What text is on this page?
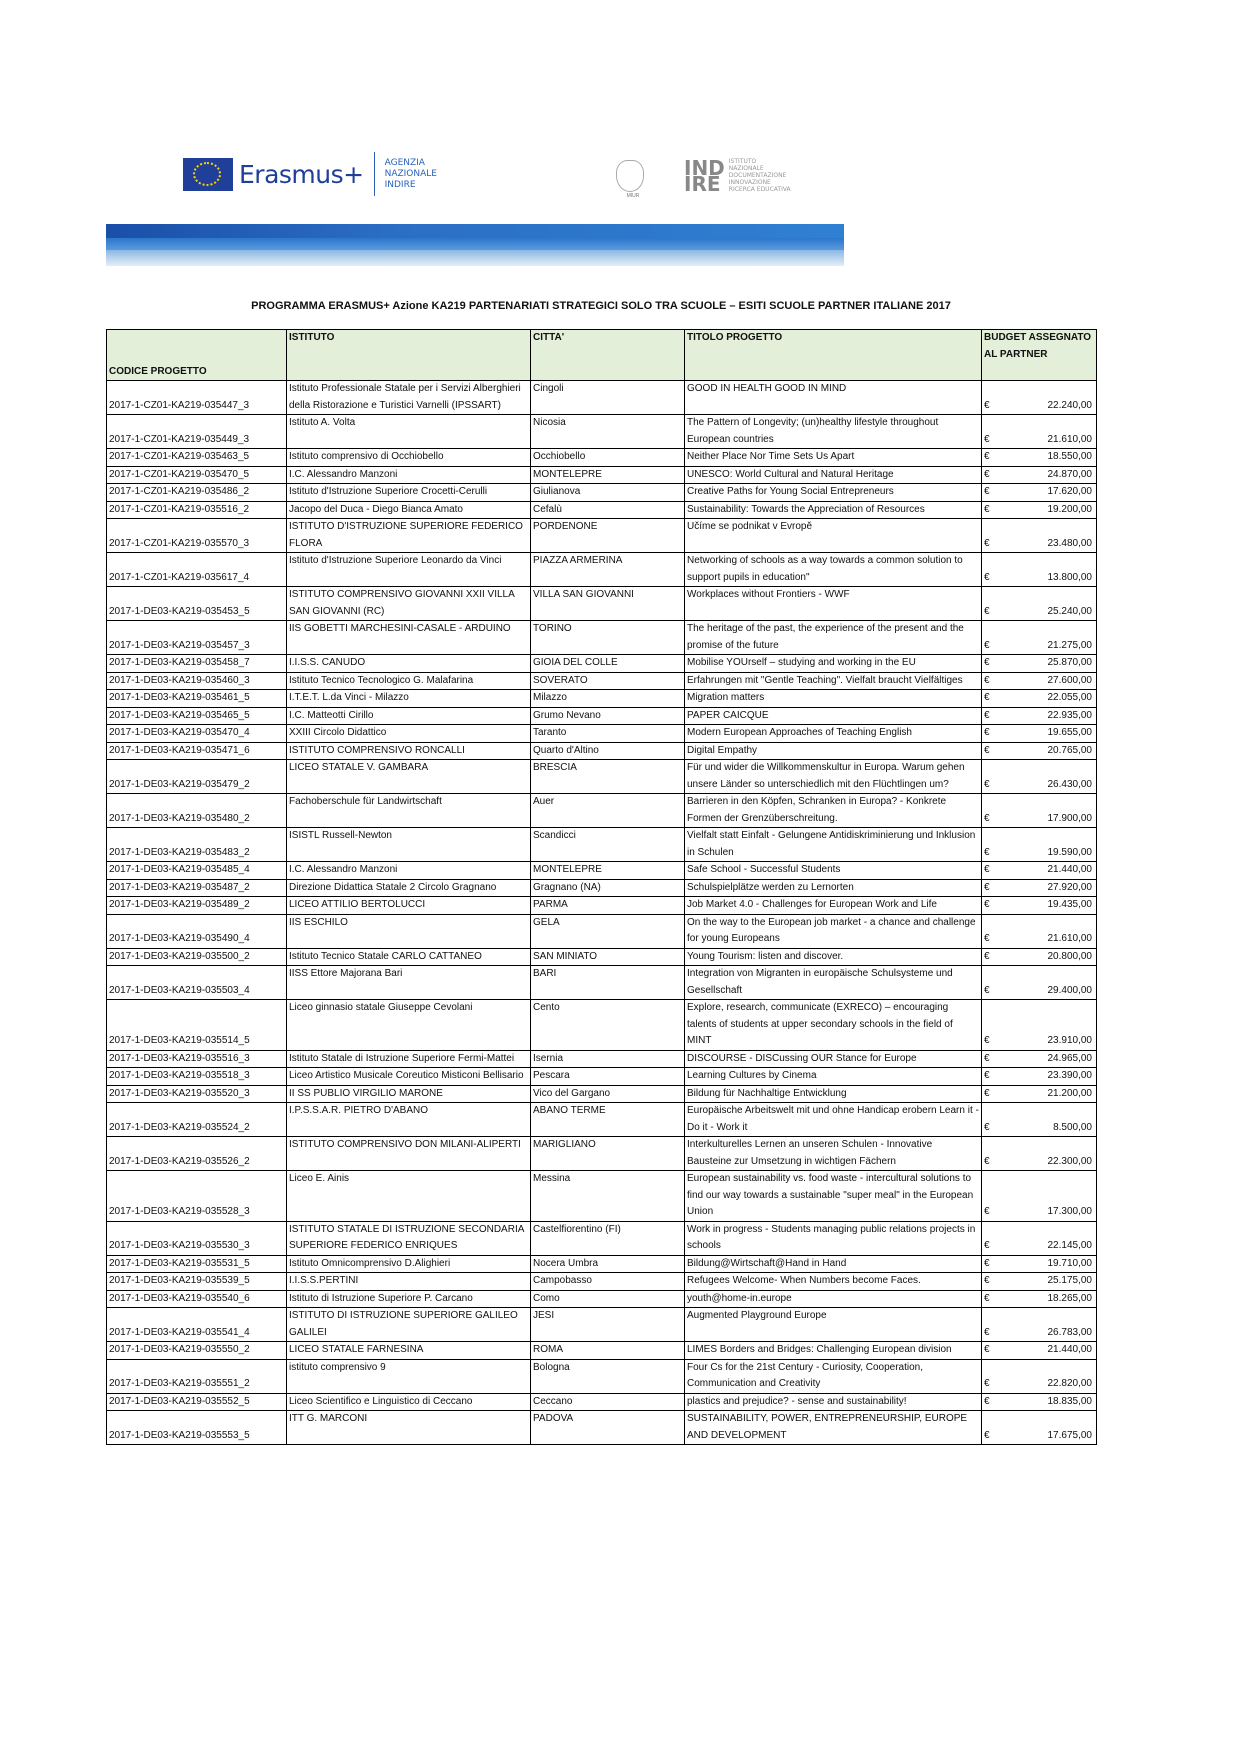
Erasmus+ AGENZIA
NAZIONALE
INDIRE
MIUR
IND
IRE
ISTITUTO
NAZIONALE
DOCUMENTAZIONE
INNOVAZIONE
RICERCA EDUCATIVA
PROGRAMMA ERASMUS+ Azione KA219 PARTENARIATI STRATEGICI SOLO TRA SCUOLE – ESITI SCUOLE PARTNER ITALIANE 2017
CODICE PROGETTO	ISTITUTO	CITTA'	TITOLO PROGETTO	BUDGET ASSEGNATO AL PARTNER
2017-1-CZ01-KA219-035447_3	Istituto Professionale Statale per i Servizi Alberghieri della Ristorazione e Turistici Varnelli (IPSSART)	Cingoli	GOOD IN HEALTH GOOD IN MIND	€ 22.240,00

2017-1-CZ01-KA219-035449_3	Istituto A. Volta	Nicosia	The Pattern of Longevity; (un)healthy lifestyle throughout European countries	€ 21.610,00

2017-1-CZ01-KA219-035463_5	Istituto comprensivo di Occhiobello	Occhiobello	Neither Place Nor Time Sets Us Apart	€ 18.550,00

2017-1-CZ01-KA219-035470_5	I.C. Alessandro Manzoni	MONTELEPRE	UNESCO: World Cultural and Natural Heritage	€ 24.870,00

2017-1-CZ01-KA219-035486_2	Istituto d'Istruzione Superiore Crocetti-Cerulli	Giulianova	Creative Paths for Young Social Entrepreneurs	€ 17.620,00

2017-1-CZ01-KA219-035516_2	Jacopo del Duca - Diego Bianca Amato	Cefalù	Sustainability: Towards the Appreciation of Resources	€ 19.200,00

2017-1-CZ01-KA219-035570_3	ISTITUTO D'ISTRUZIONE SUPERIORE FEDERICO FLORA	PORDENONE	Učíme se podnikat v Evropě	€ 23.480,00

2017-1-CZ01-KA219-035617_4	Istituto d'Istruzione Superiore Leonardo da Vinci	PIAZZA ARMERINA	Networking of schools as a way towards a common solution to support pupils in education"	€ 13.800,00

2017-1-DE03-KA219-035453_5	ISTITUTO COMPRENSIVO GIOVANNI XXII VILLA SAN GIOVANNI (RC)	VILLA SAN GIOVANNI	Workplaces without Frontiers - WWF	€ 25.240,00

2017-1-DE03-KA219-035457_3	IIS GOBETTI MARCHESINI-CASALE - ARDUINO	TORINO	The heritage of the past, the experience of the present and the promise of the future	€ 21.275,00

2017-1-DE03-KA219-035458_7	I.I.S.S. CANUDO	GIOIA DEL COLLE	Mobilise YOUrself – studying and working in the EU	€ 25.870,00

2017-1-DE03-KA219-035460_3	Istituto Tecnico Tecnologico G. Malafarina	SOVERATO	Erfahrungen mit "Gentle Teaching". Vielfalt braucht Vielfältiges	€ 27.600,00

2017-1-DE03-KA219-035461_5	I.T.E.T. L.da Vinci - Milazzo	Milazzo	Migration matters	€ 22.055,00

2017-1-DE03-KA219-035465_5	I.C. Matteotti Cirillo	Grumo Nevano	PAPER CAICQUE	€ 22.935,00

2017-1-DE03-KA219-035470_4	XXIII Circolo Didattico	Taranto	Modern European Approaches of Teaching English	€ 19.655,00

2017-1-DE03-KA219-035471_6	ISTITUTO COMPRENSIVO RONCALLI	Quarto d'Altino	Digital Empathy	€ 20.765,00

2017-1-DE03-KA219-035479_2	LICEO STATALE V. GAMBARA	BRESCIA	Für und wider die Willkommenskultur in Europa. Warum gehen unsere Länder so unterschiedlich mit den Flüchtlingen um?	€ 26.430,00

2017-1-DE03-KA219-035480_2	Fachoberschule für Landwirtschaft	Auer	Barrieren in den Köpfen, Schranken in Europa? - Konkrete Formen der Grenzüberschreitung.	€ 17.900,00

2017-1-DE03-KA219-035483_2	ISISTL Russell-Newton	Scandicci	Vielfalt statt Einfalt - Gelungene Antidiskriminierung und Inklusion in Schulen	€ 19.590,00

2017-1-DE03-KA219-035485_4	I.C. Alessandro Manzoni	MONTELEPRE	Safe School - Successful Students	€ 21.440,00

2017-1-DE03-KA219-035487_2	Direzione Didattica Statale 2 Circolo Gragnano	Gragnano (NA)	Schulspielplätze werden zu Lernorten	€ 27.920,00

2017-1-DE03-KA219-035489_2	LICEO ATTILIO BERTOLUCCI	PARMA	Job Market 4.0 - Challenges for European Work and Life	€ 19.435,00

2017-1-DE03-KA219-035490_4	IIS ESCHILO	GELA	On the way to the European job market - a chance and challenge for young Europeans	€ 21.610,00

2017-1-DE03-KA219-035500_2	Istituto Tecnico Statale CARLO CATTANEO	SAN MINIATO	Young Tourism: listen and discover.	€ 20.800,00

2017-1-DE03-KA219-035503_4	IISS Ettore Majorana Bari	BARI	Integration von Migranten in europäische Schulsysteme und Gesellschaft	€ 29.400,00

2017-1-DE03-KA219-035514_5	Liceo ginnasio statale Giuseppe Cevolani	Cento	Explore, research, communicate (EXRECO) – encouraging talents of students at upper secondary schools in the field of MINT	€ 23.910,00

2017-1-DE03-KA219-035516_3	Istituto Statale di Istruzione Superiore Fermi-Mattei	Isernia	DISCOURSE - DISCussing OUR Stance for Europe	€ 24.965,00

2017-1-DE03-KA219-035518_3	Liceo Artistico Musicale Coreutico Misticoni Bellisario	Pescara	Learning Cultures by Cinema	€ 23.390,00

2017-1-DE03-KA219-035520_3	II SS PUBLIO VIRGILIO MARONE	Vico del Gargano	Bildung für Nachhaltige Entwicklung	€ 21.200,00

2017-1-DE03-KA219-035524_2	I.P.S.S.A.R. PIETRO D'ABANO	ABANO TERME	Europäische Arbeitswelt mit und ohne Handicap erobern Learn it - Do it - Work it	€ 8.500,00

2017-1-DE03-KA219-035526_2	ISTITUTO COMPRENSIVO DON MILANI-ALIPERTI	MARIGLIANO	Interkulturelles Lernen an unseren Schulen - Innovative Bausteine zur Umsetzung in wichtigen Fächern	€ 22.300,00

2017-1-DE03-KA219-035528_3	Liceo E. Ainis	Messina	European sustainability vs. food waste - intercultural solutions to find our way towards a sustainable "super meal" in the European Union	€ 17.300,00

2017-1-DE03-KA219-035530_3	ISTITUTO STATALE DI ISTRUZIONE SECONDARIA SUPERIORE FEDERICO ENRIQUES	Castelfiorentino (FI)	Work in progress - Students managing public relations projects in schools	€ 22.145,00

2017-1-DE03-KA219-035531_5	Istituto Omnicomprensivo D.Alighieri	Nocera Umbra	Bildung@Wirtschaft@Hand in Hand	€ 19.710,00

2017-1-DE03-KA219-035539_5	I.I.S.S.PERTINI	Campobasso	Refugees Welcome- When Numbers become Faces.	€ 25.175,00

2017-1-DE03-KA219-035540_6	Istituto di Istruzione Superiore P. Carcano	Como	youth@home-in.europe	€ 18.265,00

2017-1-DE03-KA219-035541_4	ISTITUTO DI ISTRUZIONE SUPERIORE GALILEO GALILEI	JESI	Augmented Playground Europe	€ 26.783,00

2017-1-DE03-KA219-035550_2	LICEO STATALE FARNESINA	ROMA	LIMES Borders and Bridges: Challenging European division	€ 21.440,00

2017-1-DE03-KA219-035551_2	istituto comprensivo 9	Bologna	Four Cs for the 21st Century - Curiosity, Cooperation, Communication and Creativity	€ 22.820,00

2017-1-DE03-KA219-035552_5	Liceo Scientifico e Linguistico di Ceccano	Ceccano	plastics and prejudice? - sense and sustainability!	€ 18.835,00

2017-1-DE03-KA219-035553_5	ITT G. MARCONI	PADOVA	SUSTAINABILITY, POWER, ENTREPRENEURSHIP, EUROPE AND DEVELOPMENT	€ 17.675,00
